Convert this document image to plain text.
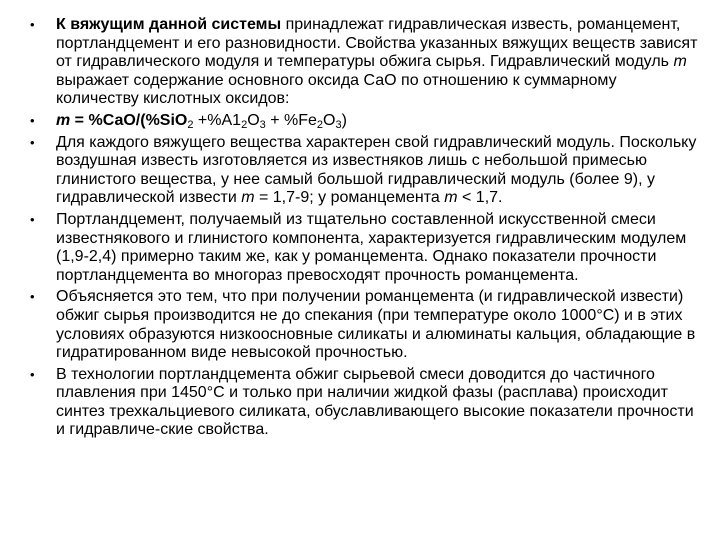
• К вяжущим данной системы принадлежат гидравлическая известь, романцемент, портландцемент и его разновидности. Свойства указанных вяжущих веществ зависят от гидравлического модуля и температуры обжига сырья. Гидравлический модуль т выражает содержание основного оксида СаО по отношению к суммарному количеству кислотных оксидов:
• $т = \%СаО/(\%SiО_2 +\%А1_2О_3 + \%Fe_2О_3)$
• Для каждого вяжущего вещества характерен свой гидравлический модуль. Поскольку воздушная известь изготовляется из известняков лишь с небольшой примесью глинистого вещества, у нее самый большой гидравлический модуль (более 9), у гидравлической извести т = 1,7-9; у романцемента т < 1,7.
• Портландцемент, получаемый из тщательно составленной искусственной смеси известнякового и глинистого компонента, характеризуется гидравлическим модулем (1,9-2,4) примерно таким же, как у романцемента. Однако показатели прочности портландцемента во многораз превосходят прочность романцемента.
• Объясняется это тем, что при получении романцемента (и гидравлической извести) обжиг сырья производится не до спекания (при температуре около 1000°С) и в этих условиях образуются низкоосновные силикаты и алюминаты кальция, обладающие в гидратированном виде невысокой прочностью.
• В технологии портландцемента обжиг сырьевой смеси доводится до частичного плавления при 1450°С и только при наличии жидкой фазы (расплава) происходит синтез трехкальциевого силиката, обуславливающего высокие показатели прочности и гидравличе-ские свойства.
